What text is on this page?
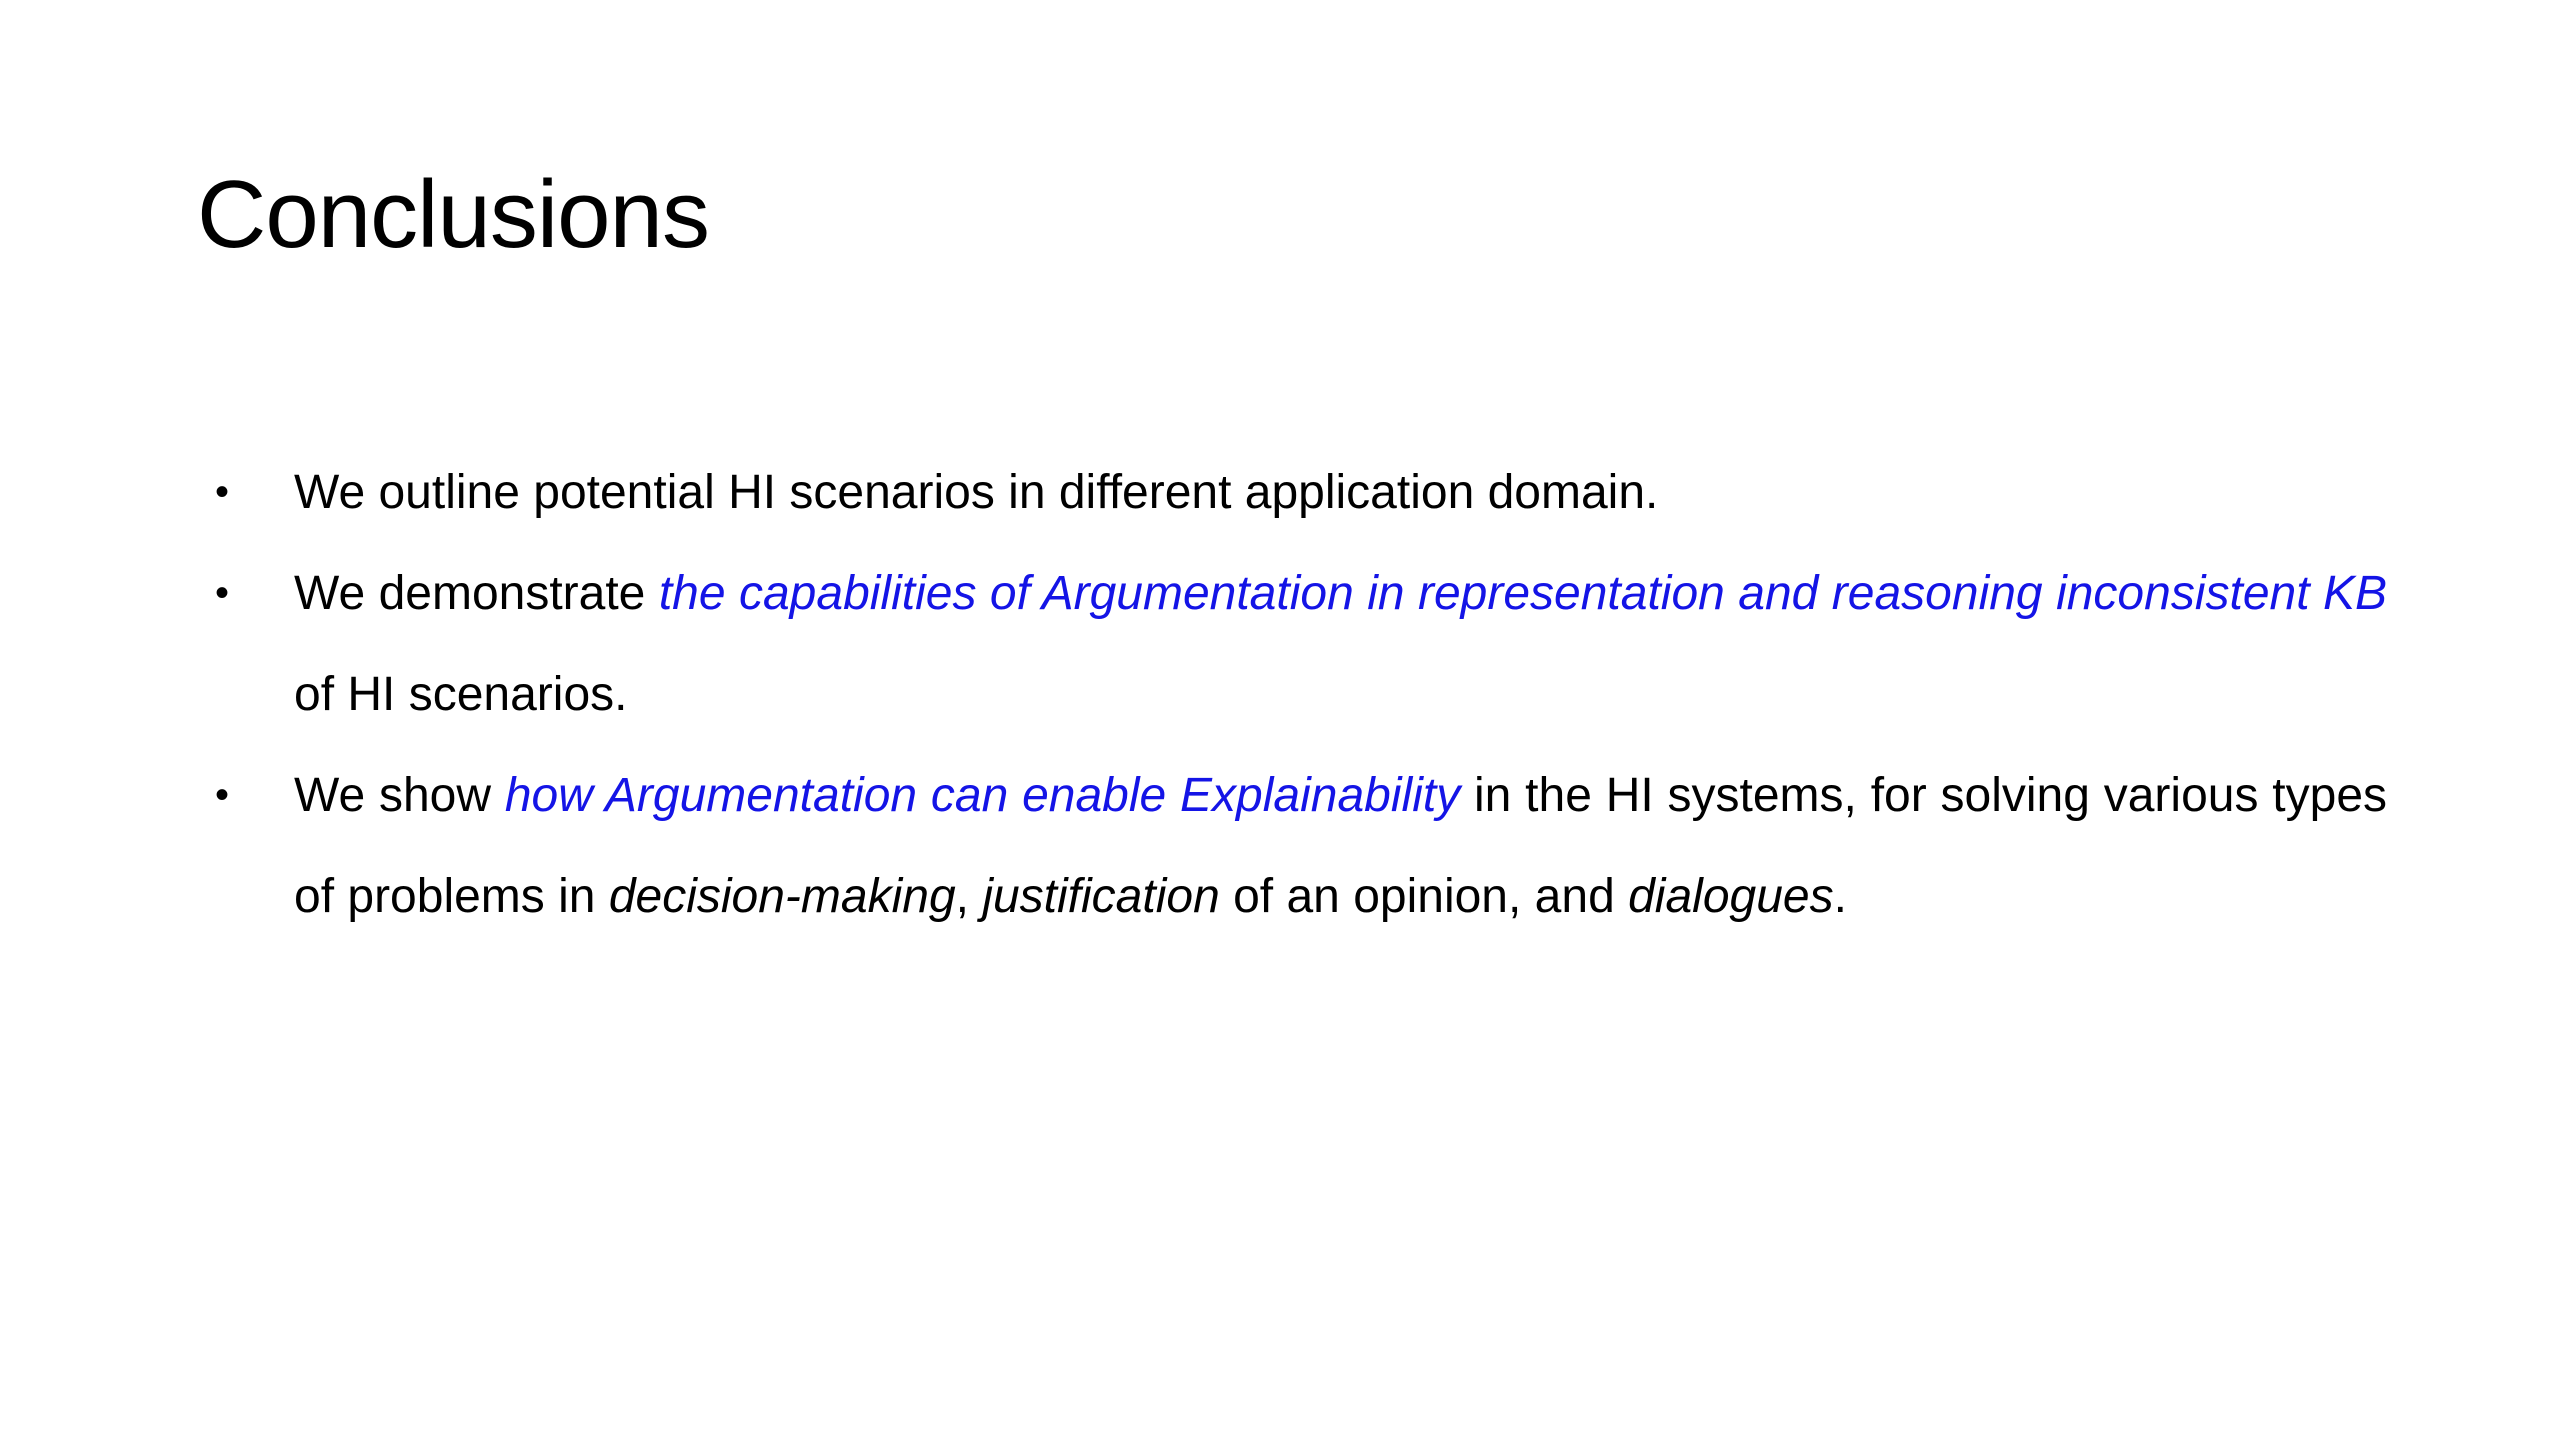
Conclusions
• We outline potential HI scenarios in different application domain.
• We demonstrate the capabilities of Argumentation in representation and reasoning inconsistent KB of HI scenarios.
• We show how Argumentation can enable Explainability in the HI systems, for solving various types of problems in decision-making, justification of an opinion, and dialogues.
